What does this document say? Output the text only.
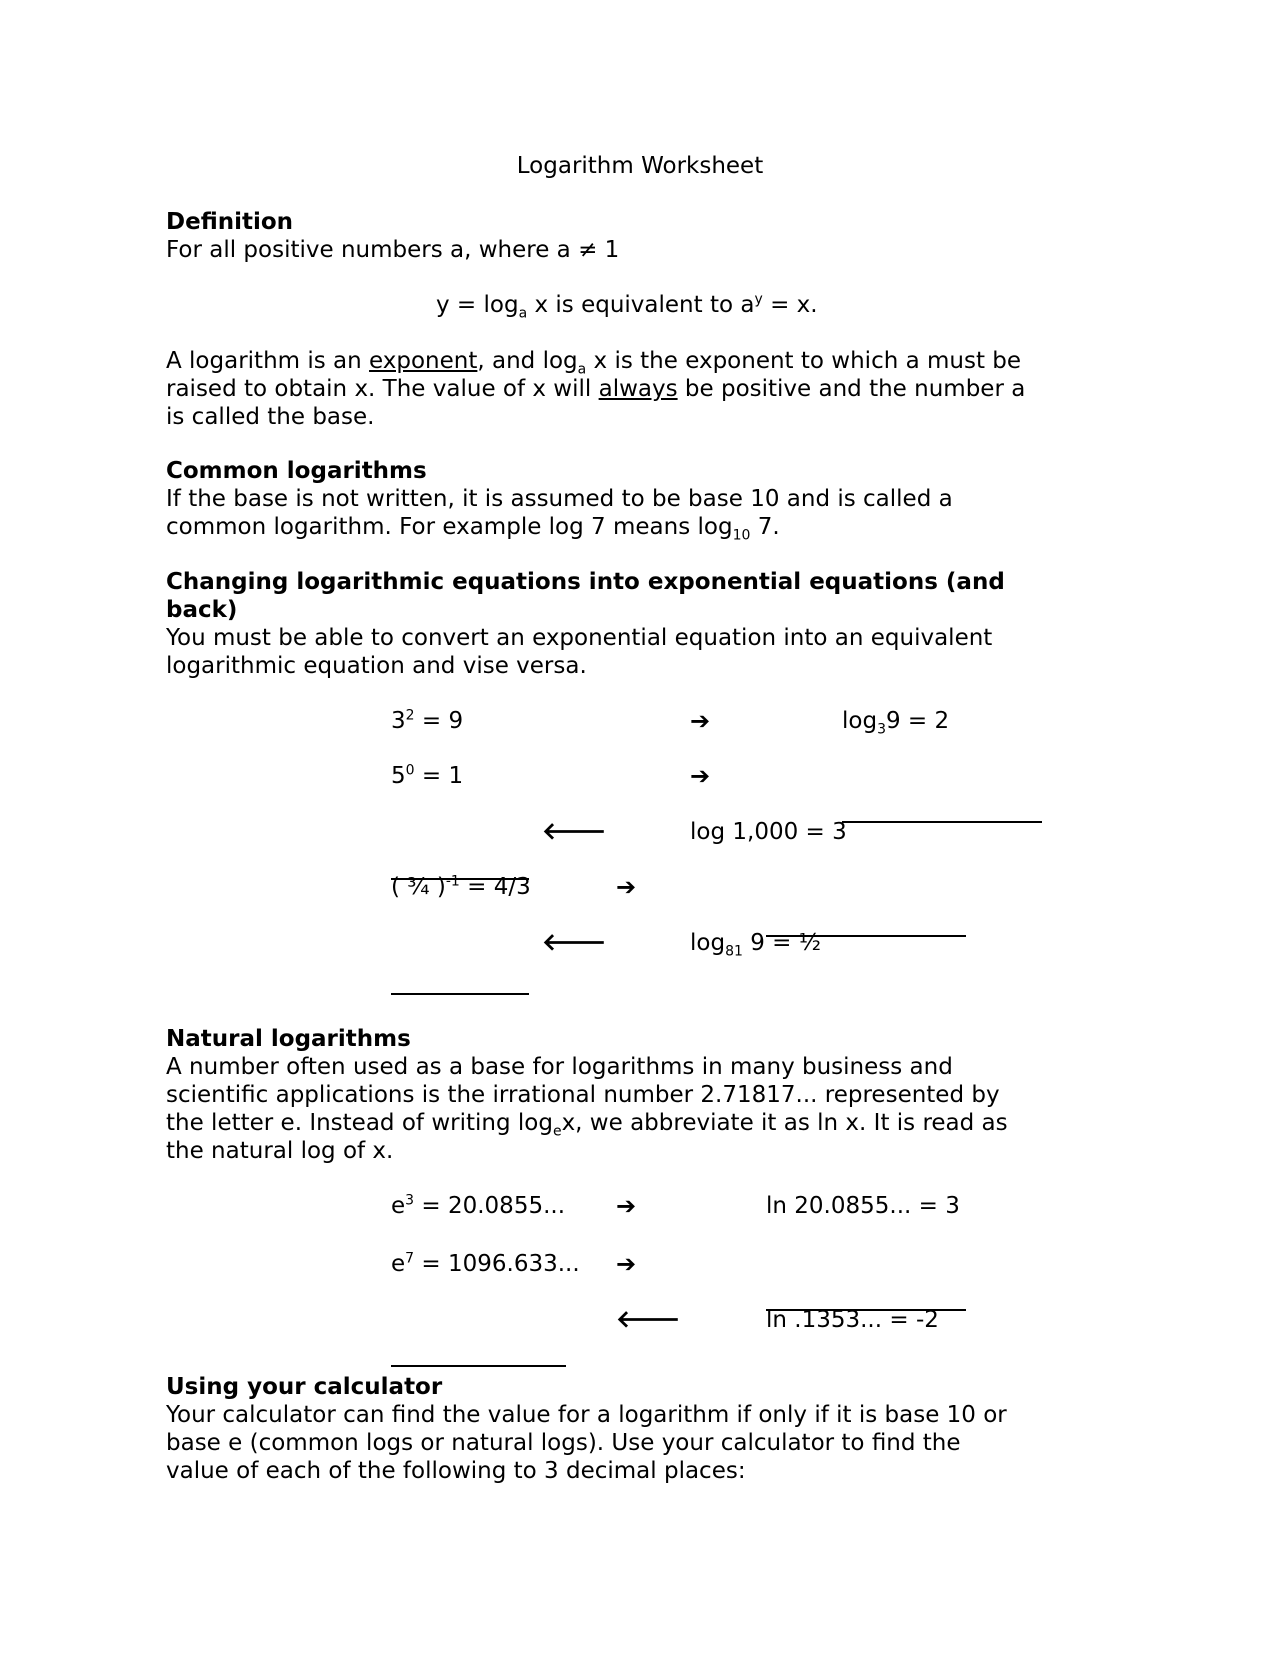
Logarithm Worksheet
Definition
For all positive numbers a, where a ≠ 1
$y = \log_a x$ is equivalent to $a^y = x$.
A logarithm is an exponent, and $\log_a x$ is the exponent to which a must be
raised to obtain x. The value of x will always be positive and the number a
is called the base.
Common logarithms
If the base is not written, it is assumed to be base 10 and is called a
common logarithm. For example log 7 means $\log_{10} 7$.
Changing logarithmic equations into exponential equations (and
back)
You must be able to convert an exponential equation into an equivalent
logarithmic equation and vise versa.
$3^2 = 9$	➔	$\log_39 = 2$
$5^0 = 1$	➔
🡐	log 1,000 = 3
( ¾ )$^{-1}$ = 4/3	➔
🡐	$\log_{81} 9$ = ½
Natural logarithms
A number often used as a base for logarithms in many business and
scientific applications is the irrational number 2.71817... represented by
the letter e. Instead of writing $\log_ex$, we abbreviate it as ln x. It is read as
the natural log of x.
$e^3 = 20.0855$... ➔	ln 20.0855... = 3
$e^7 = 1096.633$... ➔
🡐	ln .1353... = -2
Using your calculator
Your calculator can find the value for a logarithm if only if it is base 10 or
base e (common logs or natural logs). Use your calculator to find the
value of each of the following to 3 decimal places:
